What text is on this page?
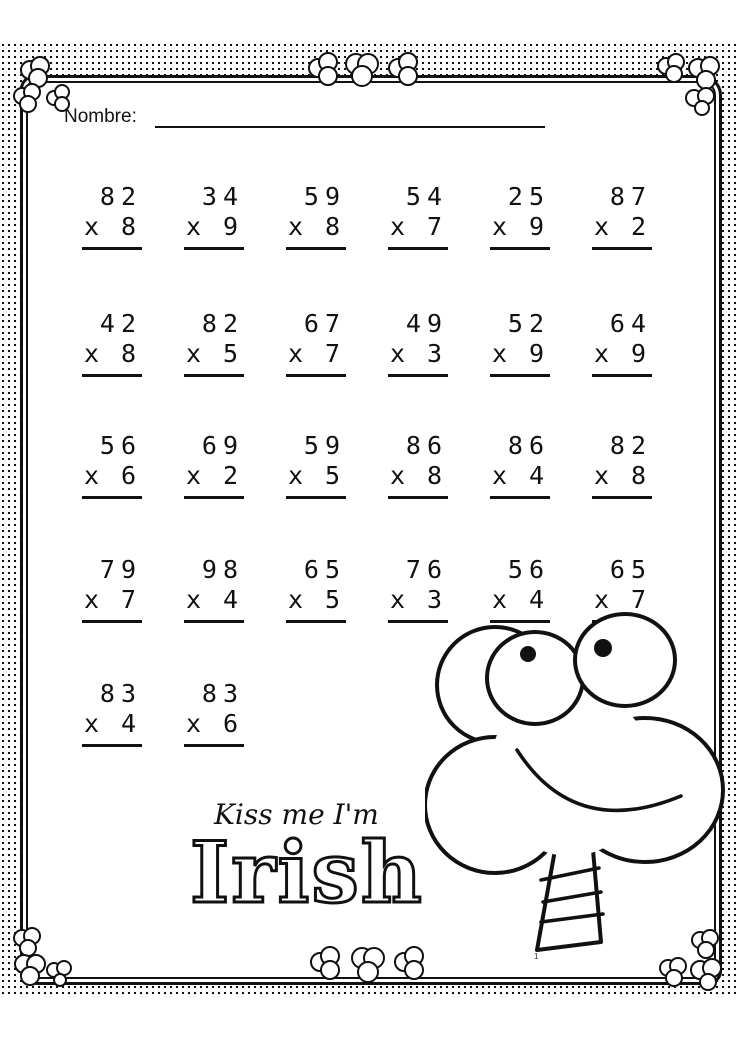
Nombre:
82
x 8
34
x 9
59
x 8
54
x 7
25
x 9
87
x 2
42
x 8
82
x 5
67
x 7
49
x 3
52
x 9
64
x 9
56
x 6
69
x 2
59
x 5
86
x 8
86
x 4
82
x 8
79
x 7
98
x 4
65
x 5
76
x 3
56
x 4
65
x 7
83
x 4
83
x 6
Kiss me I'm
Irish
1
